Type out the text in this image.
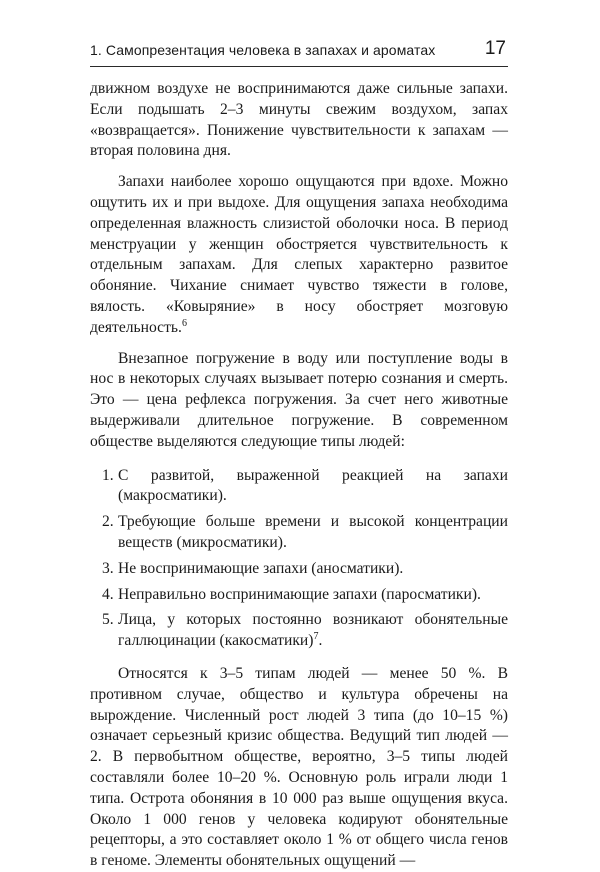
1. Самопрезентация человека в запахах и ароматах	17

движном воздухе не воспринимаются даже сильные запахи. Если подышать 2–3 минуты свежим воздухом, запах «возвращается». Понижение чувствительности к запахам — вторая половина дня.

Запахи наиболее хорошо ощущаются при вдохе. Можно ощутить их и при выдохе. Для ощущения запаха необходима определенная влажность слизистой оболочки носа. В период менструации у женщин обостряется чувствительность к отдельным запахам. Для слепых характерно развитое обоняние. Чихание снимает чувство тяжести в голове, вялость. «Ковыряние» в носу обостряет мозговую деятельность.$^6$

Внезапное погружение в воду или поступление воды в нос в некоторых случаях вызывает потерю сознания и смерть. Это — цена рефлекса погружения. За счет него животные выдерживали длительное погружение. В современном обществе выделяются следующие типы людей:

1. С развитой, выраженной реакцией на запахи (макросматики).
2. Требующие больше времени и высокой концентрации веществ (микросматики).
3. Не воспринимающие запахи (аносматики).
4. Неправильно воспринимающие запахи (паросматики).
5. Лица, у которых постоянно возникают обонятельные галлюцинации (какосматики)$^7$.

Относятся к 3–5 типам людей — менее 50 %. В противном случае, общество и культура обречены на вырождение. Численный рост людей 3 типа (до 10–15 %) означает серьезный кризис общества. Ведущий тип людей — 2. В первобытном обществе, вероятно, 3–5 типы людей составляли более 10–20 %. Основную роль играли люди 1 типа. Острота обоняния в 10 000 раз выше ощущения вкуса. Около 1 000 генов у человека кодируют обонятельные рецепторы, а это составляет около 1 % от общего числа генов в геноме. Элементы обонятельных ощущений —
